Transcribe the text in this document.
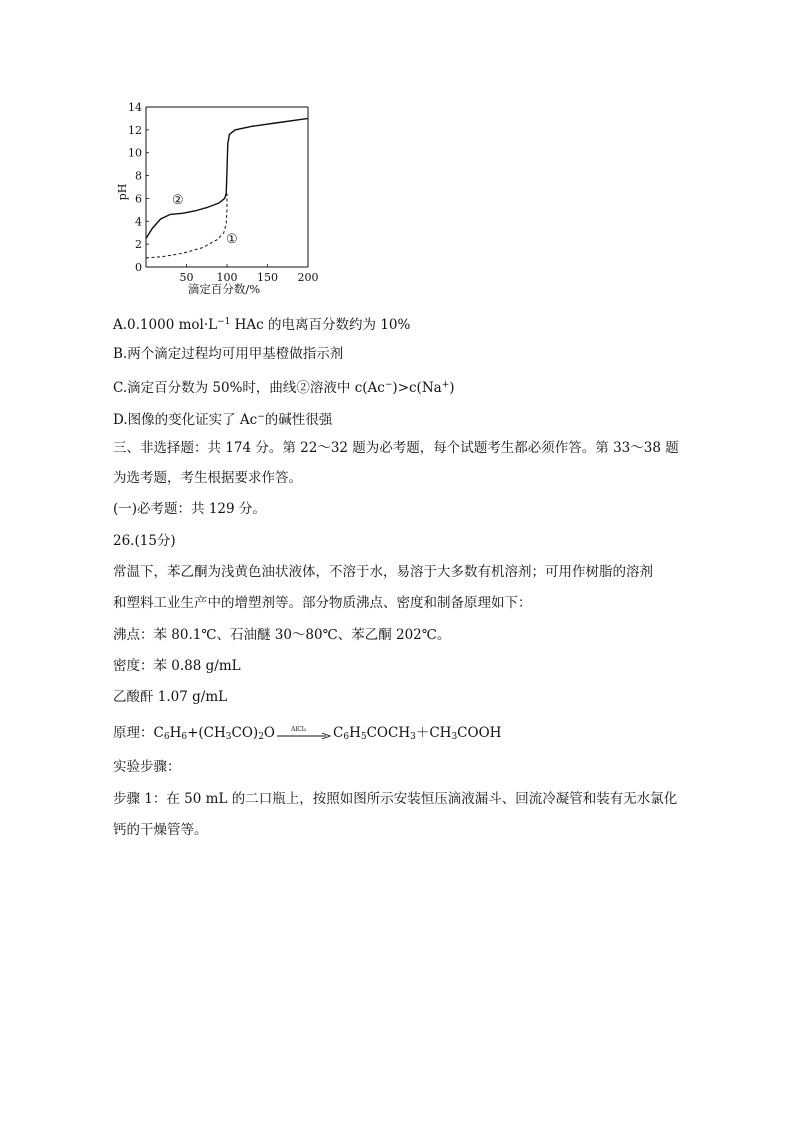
0
2
4
6
8
10
12
14
50 100 150 200
pH
滴定百分数/%
②
①
A.0.1000 $mol\cdot L^{-1}$ HAc 的电离百分数约为 10%
B.两个滴定过程均可用甲基橙做指示剂
C.滴定百分数为 50%时，曲线②溶液中 c(Ac−)>c(Na+)
D.图像的变化证实了 Ac−的碱性很强
三、非选择题：共 174 分。第 22～32 题为必考题，每个试题考生都必须作答。第 33～38 题
为选考题，考生根据要求作答。
(一)必考题：共 129 分。
26.(15分)
常温下，苯乙酮为浅黄色油状液体，不溶于水，易溶于大多数有机溶剂；可用作树脂的溶剂
和塑料工业生产中的增塑剂等。部分物质沸点、密度和制备原理如下：
沸点：苯 80.1℃、石油醚 30～80℃、苯乙酮 202℃。
密度：苯 0.88 g/mL
乙酸酐 1.07 g/mL
原理：$C_6H_6+(CH_3CO)_2O$	AlCl₃ $C_6H_5COCH_3+CH_3COOH$
实验步骤：
步骤 1：在 50 mL 的二口瓶上，按照如图所示安装恒压滴液漏斗、回流冷凝管和装有无水氯化
钙的干燥管等。
